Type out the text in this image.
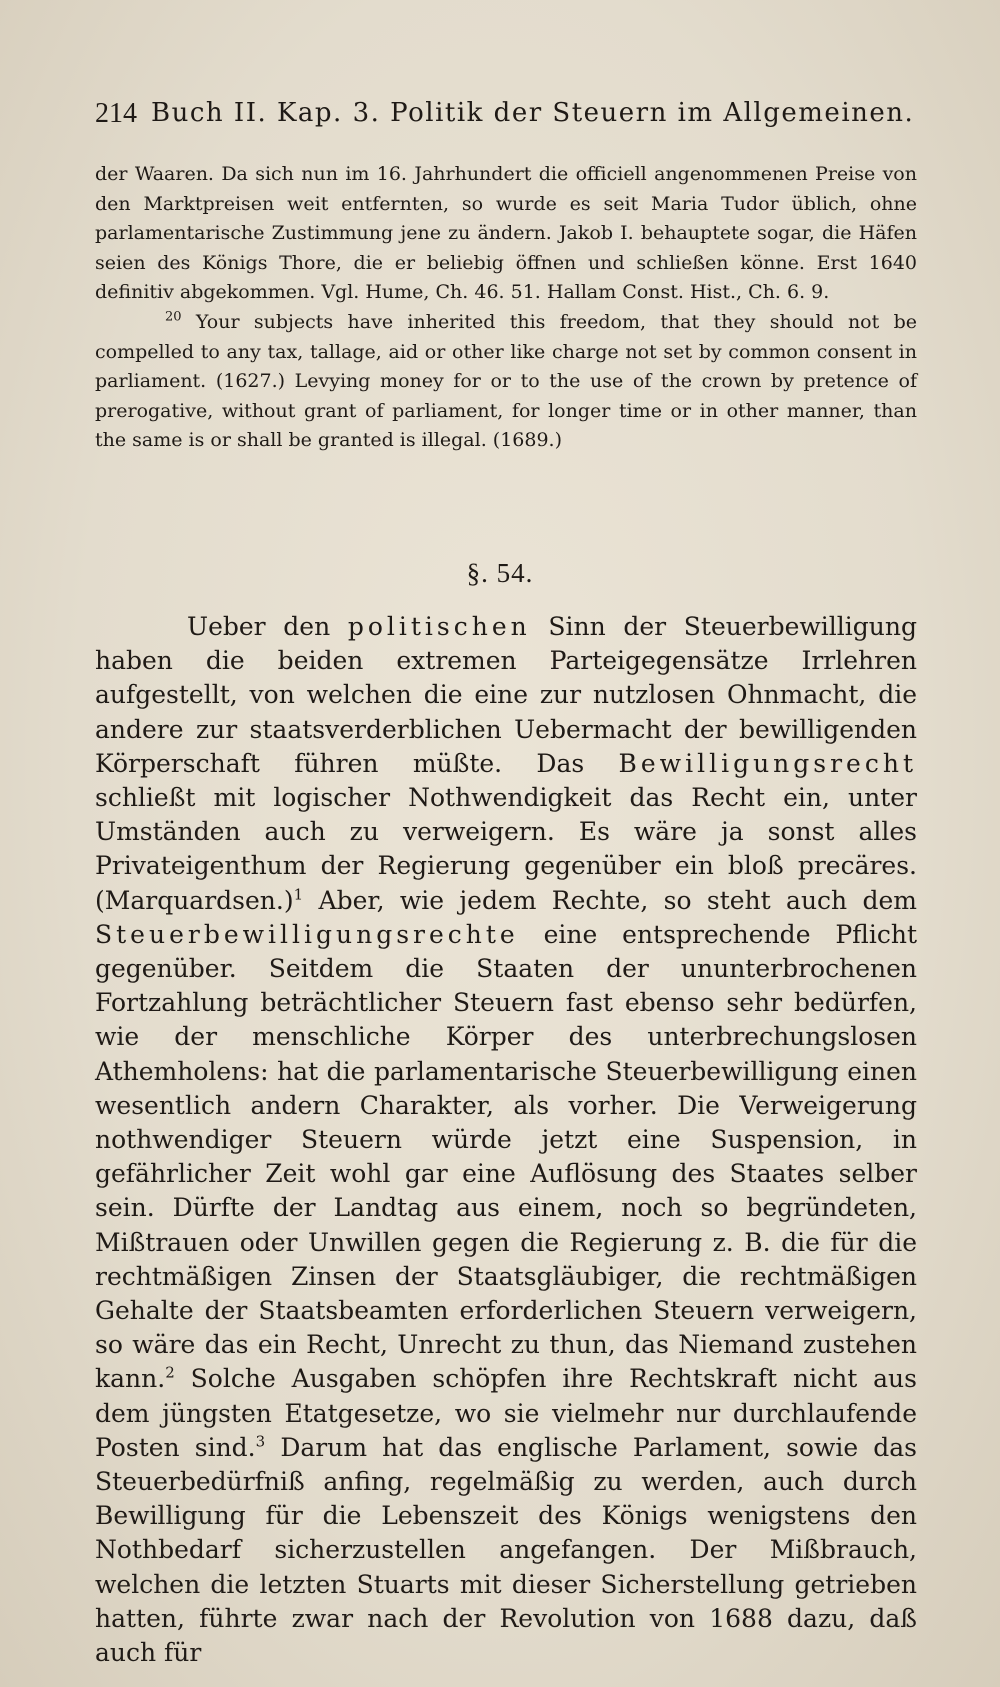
214 Buch II. Kap. 3. Politik der Steuern im Allgemeinen.

der Waaren. Da sich nun im 16. Jahrhundert die officiell angenommenen Preise von den Marktpreisen weit entfernten, so wurde es seit Maria Tudor üblich, ohne parlamentarische Zustimmung jene zu ändern. Jakob I. behauptete sogar, die Häfen seien des Königs Thore, die er beliebig öffnen und schließen könne. Erst 1640 definitiv abgekommen. Vgl. Hume, Ch. 46. 51. Hallam Const. Hist., Ch. 6. 9.

$^{20}$ Your subjects have inherited this freedom, that they should not be compelled to any tax, tallage, aid or other like charge not set by common consent in parliament. (1627.) Levying money for or to the use of the crown by pretence of prerogative, without grant of parliament, for longer time or in other manner, than the same is or shall be granted is illegal. (1689.)

§. 54.

Ueber den politischen Sinn der Steuerbewilligung haben die beiden extremen Parteigegensätze Irrlehren aufgestellt, von welchen die eine zur nutzlosen Ohnmacht, die andere zur staatsverderblichen Uebermacht der bewilligenden Körperschaft führen müßte. Das Bewilligungsrecht schließt mit logischer Nothwendigkeit das Recht ein, unter Umständen auch zu verweigern. Es wäre ja sonst alles Privateigenthum der Regierung gegenüber ein bloß precäres. (Marquardsen.)$^1$ Aber, wie jedem Rechte, so steht auch dem Steuerbewilligungsrechte eine entsprechende Pflicht gegenüber. Seitdem die Staaten der ununterbrochenen Fortzahlung beträchtlicher Steuern fast ebenso sehr bedürfen, wie der menschliche Körper des unterbrechungslosen Athemholens: hat die parlamentarische Steuerbewilligung einen wesentlich andern Charakter, als vorher. Die Verweigerung nothwendiger Steuern würde jetzt eine Suspension, in gefährlicher Zeit wohl gar eine Auflösung des Staates selber sein. Dürfte der Landtag aus einem, noch so begründeten, Mißtrauen oder Unwillen gegen die Regierung z. B. die für die rechtmäßigen Zinsen der Staatsgläubiger, die rechtmäßigen Gehalte der Staatsbeamten erforderlichen Steuern verweigern, so wäre das ein Recht, Unrecht zu thun, das Niemand zustehen kann.$^2$ Solche Ausgaben schöpfen ihre Rechtskraft nicht aus dem jüngsten Etatgesetze, wo sie vielmehr nur durchlaufende Posten sind.$^3$ Darum hat das englische Parlament, sowie das Steuerbedürfniß anfing, regelmäßig zu werden, auch durch Bewilligung für die Lebenszeit des Königs wenigstens den Nothbedarf sicherzustellen angefangen. Der Mißbrauch, welchen die letzten Stuarts mit dieser Sicherstellung getrieben hatten, führte zwar nach der Revolution von 1688 dazu, daß auch für
